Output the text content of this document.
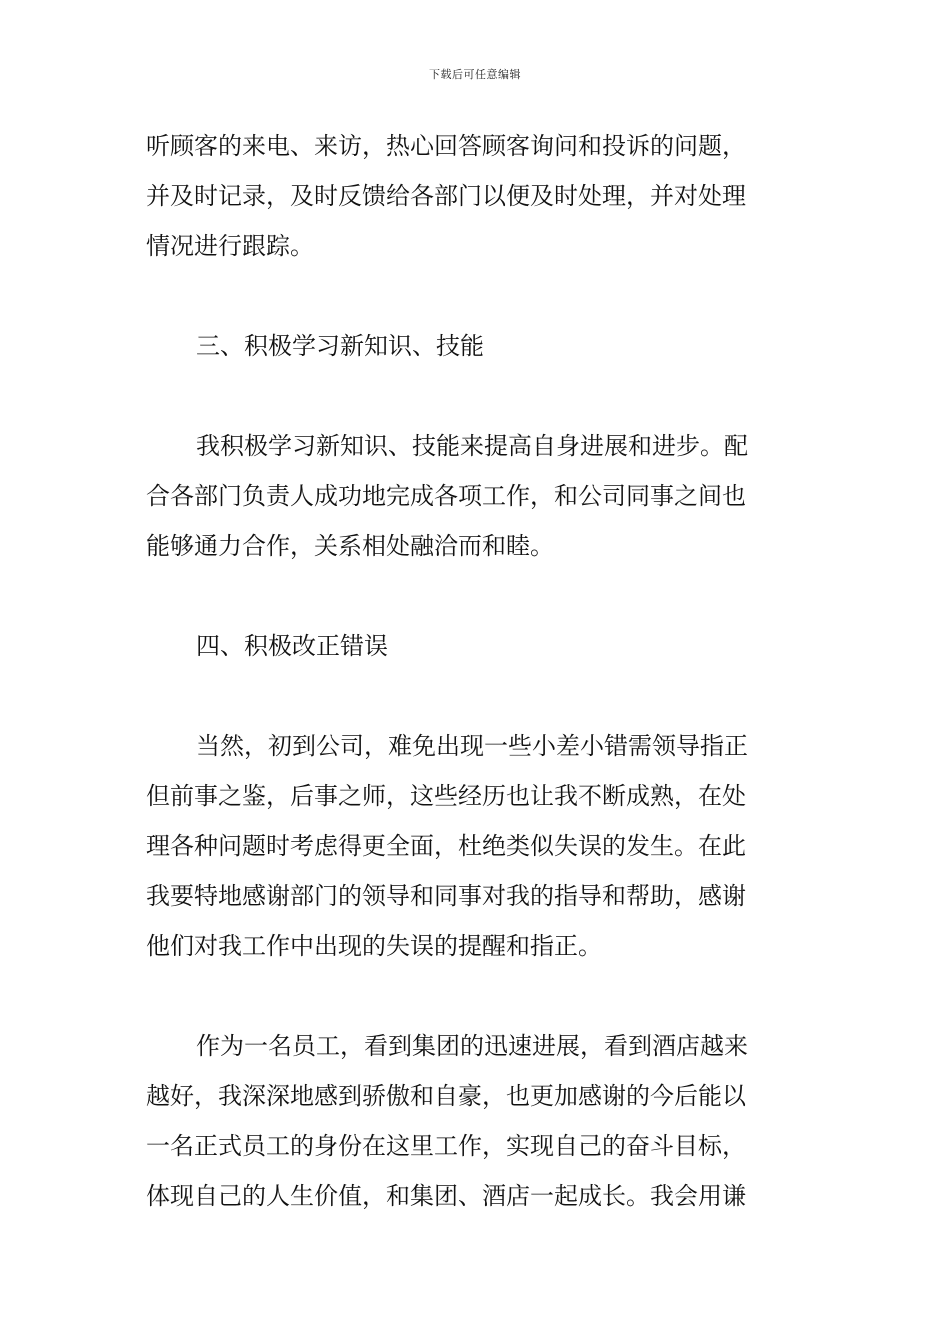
下载后可任意编辑
听顾客的来电、来访，热心回答顾客询问和投诉的问题，
并及时记录，及时反馈给各部门以便及时处理，并对处理
情况进行跟踪。
三、积极学习新知识、技能
我积极学习新知识、技能来提高自身进展和进步。配
合各部门负责人成功地完成各项工作，和公司同事之间也
能够通力合作，关系相处融洽而和睦。
四、积极改正错误
当然，初到公司，难免出现一些小差小错需领导指正
但前事之鉴，后事之师，这些经历也让我不断成熟，在处
理各种问题时考虑得更全面，杜绝类似失误的发生。在此
我要特地感谢部门的领导和同事对我的指导和帮助，感谢
他们对我工作中出现的失误的提醒和指正。
作为一名员工，看到集团的迅速进展，看到酒店越来
越好，我深深地感到骄傲和自豪，也更加感谢的今后能以
一名正式员工的身份在这里工作，实现自己的奋斗目标，
体现自己的人生价值，和集团、酒店一起成长。我会用谦
